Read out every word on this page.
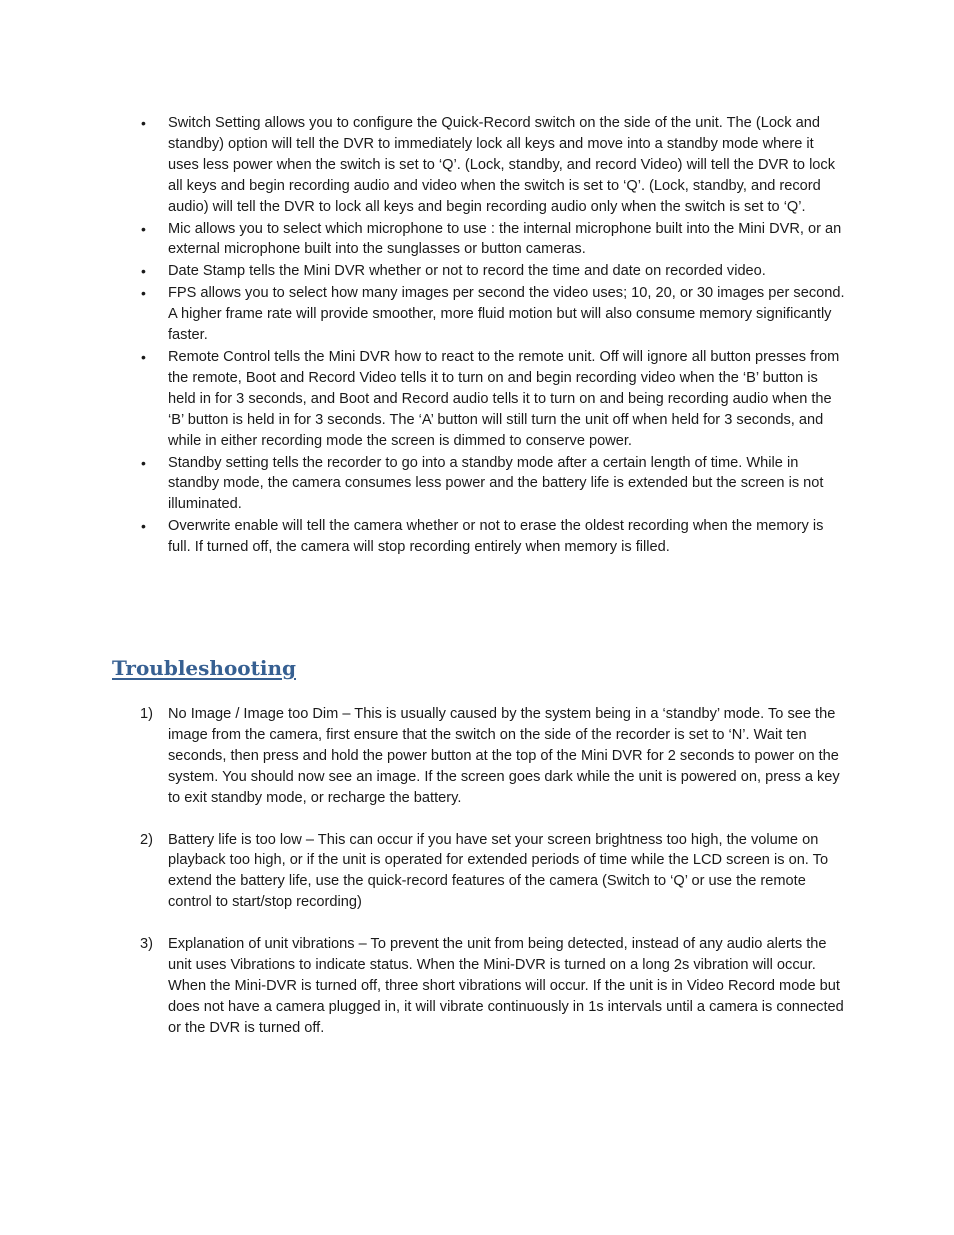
• Switch Setting allows you to configure the Quick-Record switch on the side of the unit. The (Lock and standby) option will tell the DVR to immediately lock all keys and move into a standby mode where it uses less power when the switch is set to ‘Q’. (Lock, standby, and record Video) will tell the DVR to lock all keys and begin recording audio and video when the switch is set to ‘Q’. (Lock, standby, and record audio) will tell the DVR to lock all keys and begin recording audio only when the switch is set to ‘Q’.
• Mic allows you to select which microphone to use : the internal microphone built into the Mini DVR, or an external microphone built into the sunglasses or button cameras.
• Date Stamp tells the Mini DVR whether or not to record the time and date on recorded video.
• FPS allows you to select how many images per second the video uses; 10, 20, or 30 images per second. A higher frame rate will provide smoother, more fluid motion but will also consume memory significantly faster.
• Remote Control tells the Mini DVR how to react to the remote unit. Off will ignore all button presses from the remote, Boot and Record Video tells it to turn on and begin recording video when the ‘B’ button is held in for 3 seconds, and Boot and Record audio tells it to turn on and being recording audio when the ‘B’ button is held in for 3 seconds. The ‘A’ button will still turn the unit off when held for 3 seconds, and while in either recording mode the screen is dimmed to conserve power.
• Standby setting tells the recorder to go into a standby mode after a certain length of time. While in standby mode, the camera consumes less power and the battery life is extended but the screen is not illuminated.
• Overwrite enable will tell the camera whether or not to erase the oldest recording when the memory is full. If turned off, the camera will stop recording entirely when memory is filled.
Troubleshooting
1) No Image / Image too Dim – This is usually caused by the system being in a ‘standby’ mode. To see the image from the camera, first ensure that the switch on the side of the recorder is set to ‘N’. Wait ten seconds, then press and hold the power button at the top of the Mini DVR for 2 seconds to power on the system. You should now see an image. If the screen goes dark while the unit is powered on, press a key to exit standby mode, or recharge the battery.
2) Battery life is too low – This can occur if you have set your screen brightness too high, the volume on playback too high, or if the unit is operated for extended periods of time while the LCD screen is on. To extend the battery life, use the quick-record features of the camera (Switch to ‘Q’ or use the remote control to start/stop recording)
3) Explanation of unit vibrations – To prevent the unit from being detected, instead of any audio alerts the unit uses Vibrations to indicate status. When the Mini-DVR is turned on a long 2s vibration will occur. When the Mini-DVR is turned off, three short vibrations will occur. If the unit is in Video Record mode but does not have a camera plugged in, it will vibrate continuously in 1s intervals until a camera is connected or the DVR is turned off.
